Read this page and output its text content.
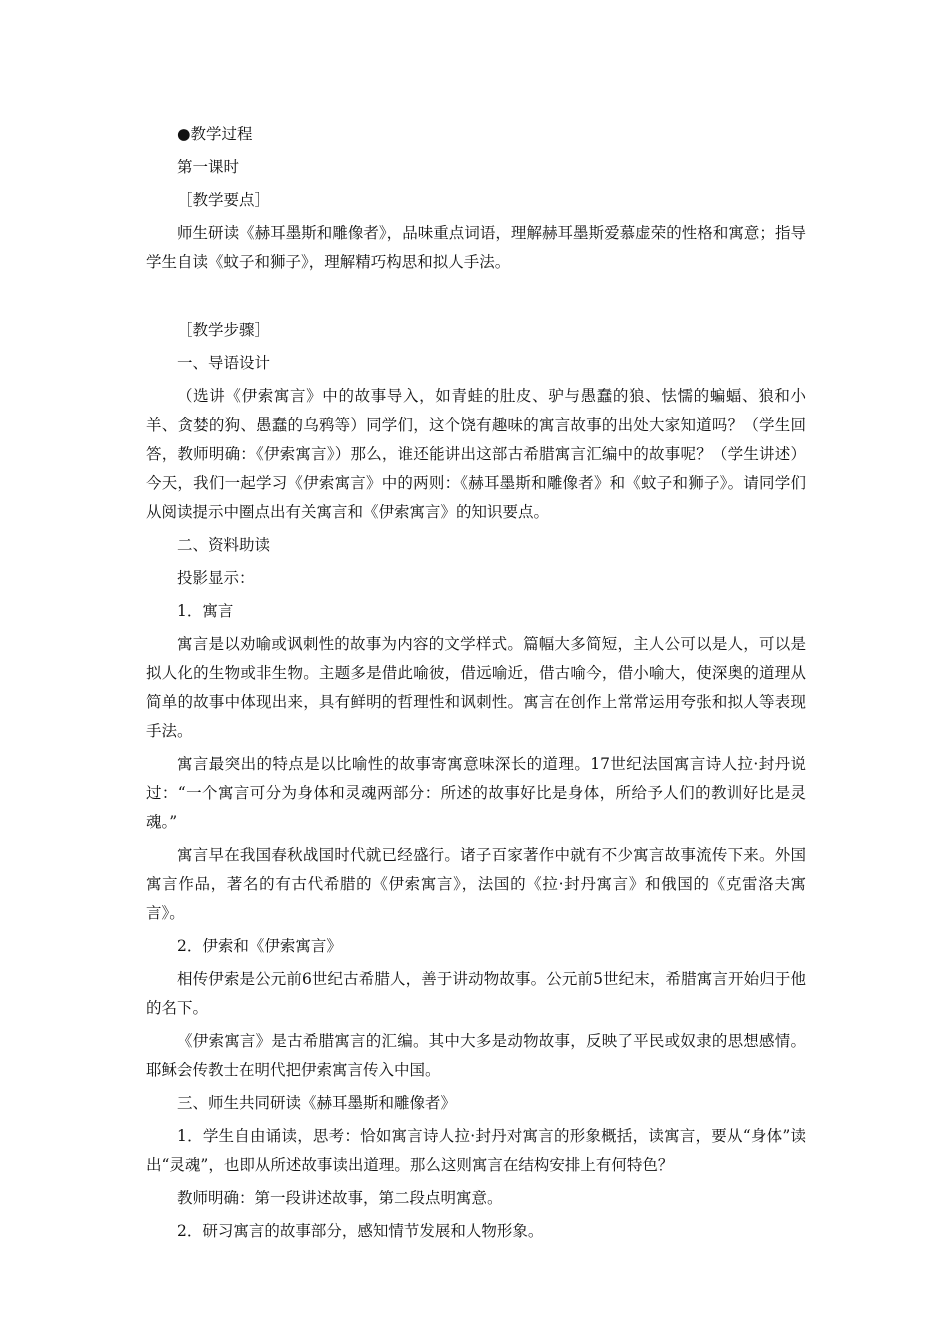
●教学过程

第一课时

［教学要点］

师生研读《赫耳墨斯和雕像者》，品味重点词语，理解赫耳墨斯爱慕虚荣的性格和寓意；指导学生自读《蚊子和狮子》，理解精巧构思和拟人手法。

［教学步骤］

一、导语设计

（选讲《伊索寓言》中的故事导入，如青蛙的肚皮、驴与愚蠢的狼、怯懦的蝙蝠、狼和小羊、贪婪的狗、愚蠢的乌鸦等）同学们，这个饶有趣味的寓言故事的出处大家知道吗？（学生回答，教师明确：《伊索寓言》）那么，谁还能讲出这部古希腊寓言汇编中的故事呢？（学生讲述）今天，我们一起学习《伊索寓言》中的两则：《赫耳墨斯和雕像者》和《蚊子和狮子》。请同学们从阅读提示中圈点出有关寓言和《伊索寓言》的知识要点。

二、资料助读

投影显示：

1．寓言

寓言是以劝喻或讽刺性的故事为内容的文学样式。篇幅大多简短，主人公可以是人，可以是拟人化的生物或非生物。主题多是借此喻彼，借远喻近，借古喻今，借小喻大，使深奥的道理从简单的故事中体现出来，具有鲜明的哲理性和讽刺性。寓言在创作上常常运用夸张和拟人等表现手法。

寓言最突出的特点是以比喻性的故事寄寓意味深长的道理。17世纪法国寓言诗人拉·封丹说过：“一个寓言可分为身体和灵魂两部分：所述的故事好比是身体，所给予人们的教训好比是灵魂。”

寓言早在我国春秋战国时代就已经盛行。诸子百家著作中就有不少寓言故事流传下来。外国寓言作品，著名的有古代希腊的《伊索寓言》，法国的《拉·封丹寓言》和俄国的《克雷洛夫寓言》。

2．伊索和《伊索寓言》

相传伊索是公元前6世纪古希腊人，善于讲动物故事。公元前5世纪末，希腊寓言开始归于他的名下。

《伊索寓言》是古希腊寓言的汇编。其中大多是动物故事，反映了平民或奴隶的思想感情。耶稣会传教士在明代把伊索寓言传入中国。

三、师生共同研读《赫耳墨斯和雕像者》

1．学生自由诵读，思考：恰如寓言诗人拉·封丹对寓言的形象概括，读寓言，要从“身体”读出“灵魂”，也即从所述故事读出道理。那么这则寓言在结构安排上有何特色？

教师明确：第一段讲述故事，第二段点明寓意。

2．研习寓言的故事部分，感知情节发展和人物形象。
